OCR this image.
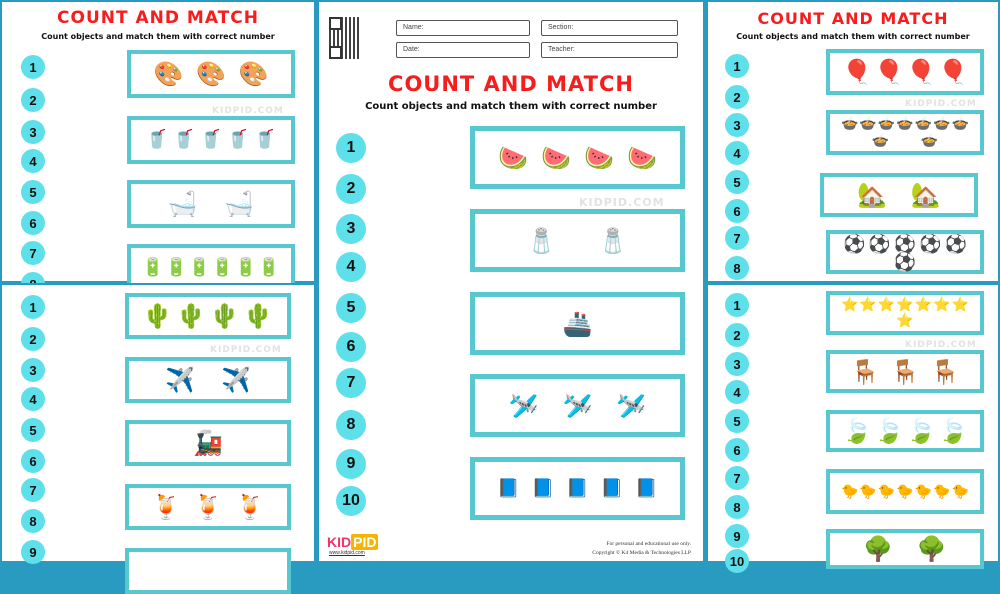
COUNT AND MATCH
Count objects and match them with correct number
KIDPID.COM
1
2
3
4
5
6
7
🎨 🎨 🎨
🥤 🥤 🥤 🥤 🥤
🛁 🛁
🔋 🔋 🔋 🔋 🔋 🔋
KIDPID.COM
1
2
3
4
5
6
7
8
9
🌵 🌵 🌵 🌵
✈️ ✈️
🚂
🍹 🍹 🍹
Name:	Section:
Date:	Teacher:
COUNT AND MATCH
Count objects and match them with correct number
KIDPID.COM
KID PID
www.kidpid.com
For personal and educational use only.
Copyright © K4 Media & Technologies LLP
1
2
3
4
5
6
7
8
9
10
🍉 🍉 🍉 🍉
🧂 🧂
🚢
🛩️ 🛩️ 🛩️
📘 📘 📘 📘 📘
COUNT AND MATCH
Count objects and match them with correct number
KIDPID.COM
1
2
3
4
5
6
7
8
🎈 🎈 🎈 🎈
🍲 🍲 🍲 🍲 🍲 🍲 🍲
🍲 🍲
🏡 🏡
⚽ ⚽ ⚽ ⚽ ⚽
⚽
KIDPID.COM
1
2
3
4
5
6
7
8
9
10
⭐ ⭐ ⭐ ⭐ ⭐ ⭐ ⭐
⭐
🪑 🪑 🪑
🍃 🍃 🍃 🍃
🐤 🐤 🐤 🐤 🐤 🐤 🐤
🌳 🌳
